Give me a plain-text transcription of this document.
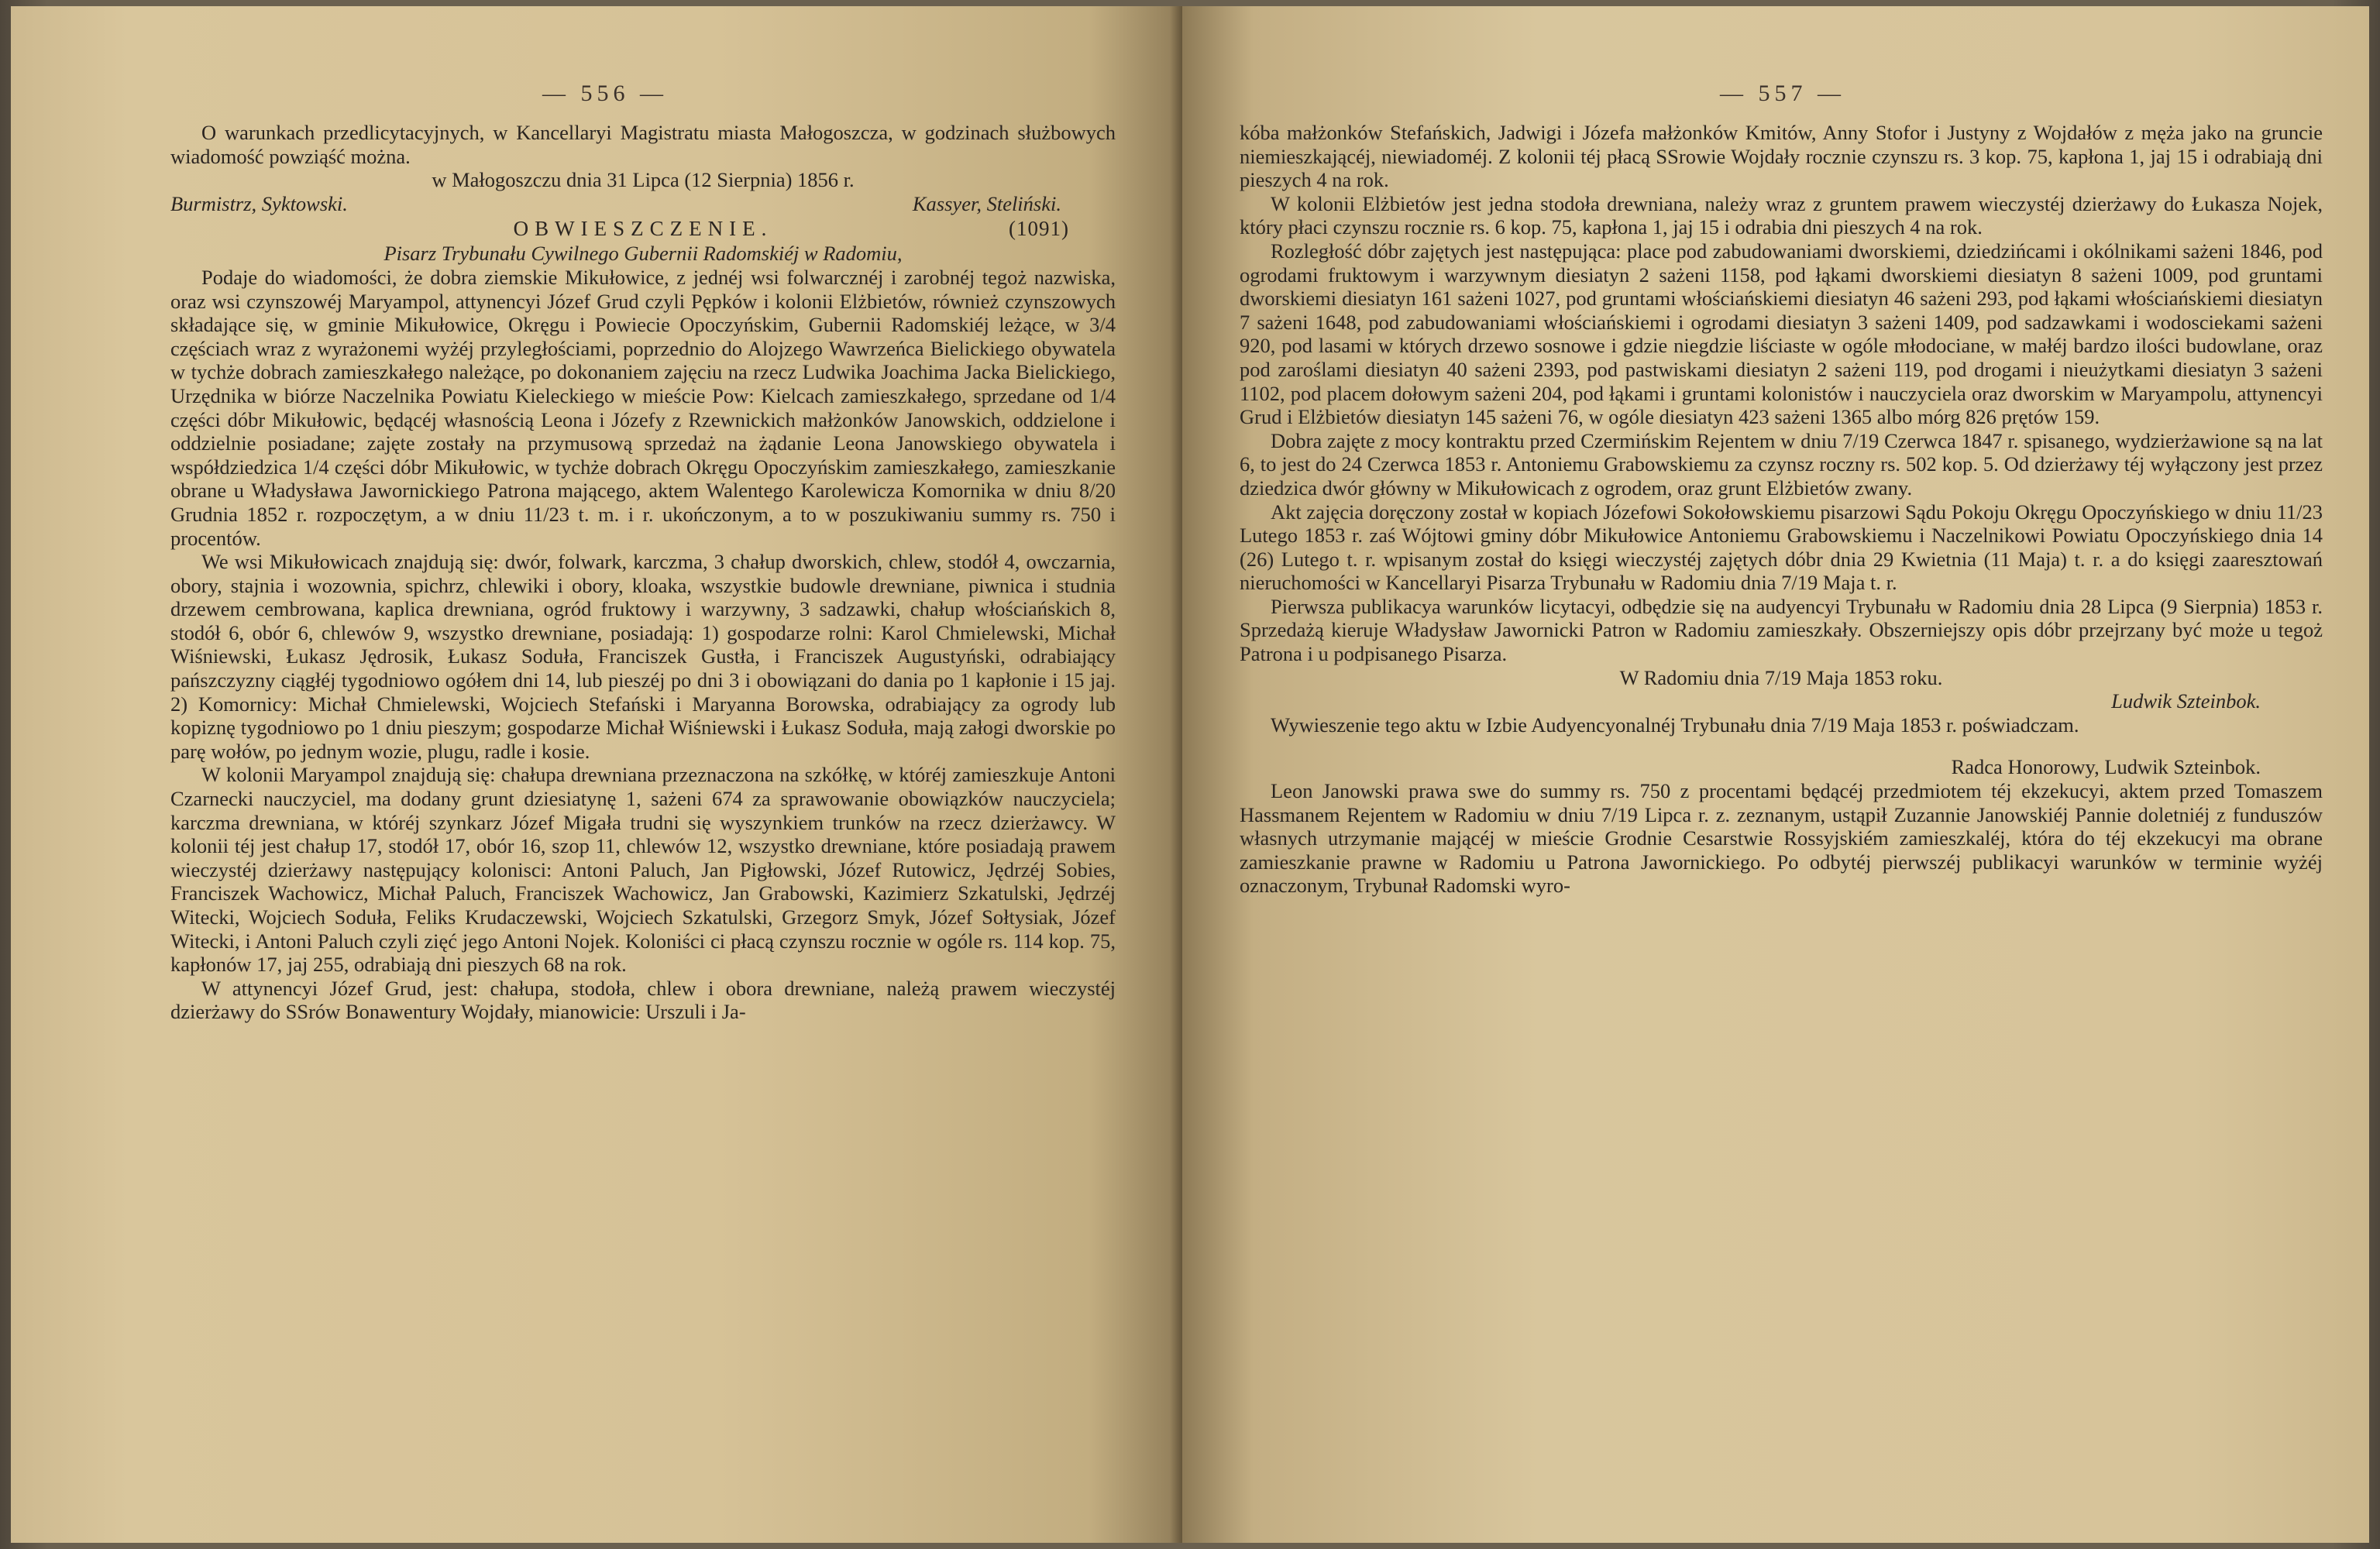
— 556 —

O warunkach przedlicytacyjnych, w Kancellaryi Magistratu miasta Małogoszcza, w godzinach służbowych wiadomość powziąść można.

w Małogoszczu dnia 31 Lipca (12 Sierpnia) 1856 r.
Burmistrz, Syktowski.	Kassyer, Steliński.
OBWIESZCZENIE.	(1091)
Pisarz Trybunału Cywilnego Gubernii Radomskiéj w Radomiu,

Podaje do wiadomości, że dobra ziemskie Mikułowice, z jednéj wsi folwarcznéj i zarobnéj tegoż nazwiska, oraz wsi czynszowéj Maryampol, attynencyi Józef Grud czyli Pępków i kolonii Elżbietów, również czynszowych składające się, w gminie Mikułowice, Okręgu i Powiecie Opoczyńskim, Gubernii Radomskiéj leżące, w 3/4 częściach wraz z wyrażonemi wyżéj przyległościami, poprzednio do Alojzego Wawrzeńca Bielickiego obywatela w tychże dobrach zamieszkałego należące, po dokonaniem zajęciu na rzecz Ludwika Joachima Jacka Bielickiego, Urzędnika w biórze Naczelnika Powiatu Kieleckiego w mieście Pow: Kielcach zamieszkałego, sprzedane od 1/4 części dóbr Mikułowic, będącéj własnością Leona i Józefy z Rzewnickich małżonków Janowskich, oddzielone i oddzielnie posiadane; zajęte zostały na przymusową sprzedaż na żądanie Leona Janowskiego obywatela i współdziedzica 1/4 części dóbr Mikułowic, w tychże dobrach Okręgu Opoczyńskim zamieszkałego, zamieszkanie obrane u Władysława Jawornickiego Patrona mającego, aktem Walentego Karolewicza Komornika w dniu 8/20 Grudnia 1852 r. rozpoczętym, a w dniu 11/23 t. m. i r. ukończonym, a to w poszukiwaniu summy rs. 750 i procentów.

We wsi Mikułowicach znajdują się: dwór, folwark, karczma, 3 chałup dworskich, chlew, stodół 4, owczarnia, obory, stajnia i wozownia, spichrz, chlewiki i obory, kloaka, wszystkie budowle drewniane, piwnica i studnia drzewem cembrowana, kaplica drewniana, ogród fruktowy i warzywny, 3 sadzawki, chałup włościańskich 8, stodół 6, obór 6, chlewów 9, wszystko drewniane, posiadają: 1) gospodarze rolni: Karol Chmielewski, Michał Wiśniewski, Łukasz Jędrosik, Łukasz Soduła, Franciszek Gustła, i Franciszek Augustyński, odrabiający pańszczyzny ciągłéj tygodniowo ogółem dni 14, lub pieszéj po dni 3 i obowiązani do dania po 1 kapłonie i 15 jaj. 2) Komornicy: Michał Chmielewski, Wojciech Stefański i Maryanna Borowska, odrabiający za ogrody lub kopiznę tygodniowo po 1 dniu pieszym; gospodarze Michał Wiśniewski i Łukasz Soduła, mają załogi dworskie po parę wołów, po jednym wozie, plugu, radle i kosie.

W kolonii Maryampol znajdują się: chałupa drewniana przeznaczona na szkółkę, w któréj zamieszkuje Antoni Czarnecki nauczyciel, ma dodany grunt dziesiatynę 1, sażeni 674 za sprawowanie obowiązków nauczyciela; karczma drewniana, w któréj szynkarz Józef Migała trudni się wyszynkiem trunków na rzecz dzierżawcy. W kolonii téj jest chałup 17, stodół 17, obór 16, szop 11, chlewów 12, wszystko drewniane, które posiadają prawem wieczystéj dzierżawy następujący kolonisci: Antoni Paluch, Jan Pigłowski, Józef Rutowicz, Jędrzéj Sobies, Franciszek Wachowicz, Michał Paluch, Franciszek Wachowicz, Jan Grabowski, Kazimierz Szkatulski, Jędrzéj Witecki, Wojciech Soduła, Feliks Krudaczewski, Wojciech Szkatulski, Grzegorz Smyk, Józef Sołtysiak, Józef Witecki, i Antoni Paluch czyli zięć jego Antoni Nojek. Koloniści ci płacą czynszu rocznie w ogóle rs. 114 kop. 75, kapłonów 17, jaj 255, odrabiają dni pieszych 68 na rok.

W attynencyi Józef Grud, jest: chałupa, stodoła, chlew i obora drewniane, należą prawem wieczystéj dzierżawy do SSrów Bonawentury Wojdały, mianowicie: Urszuli i Ja-

— 557 —

kóba małżonków Stefańskich, Jadwigi i Józefa małżonków Kmitów, Anny Stofor i Justyny z Wojdałów z męża jako na gruncie niemieszkającéj, niewiadoméj. Z kolonii téj płacą SSrowie Wojdały rocznie czynszu rs. 3 kop. 75, kapłona 1, jaj 15 i odrabiają dni pieszych 4 na rok.

W kolonii Elżbietów jest jedna stodoła drewniana, należy wraz z gruntem prawem wieczystéj dzierżawy do Łukasza Nojek, który płaci czynszu rocznie rs. 6 kop. 75, kapłona 1, jaj 15 i odrabia dni pieszych 4 na rok.

Rozległość dóbr zajętych jest następująca: place pod zabudowaniami dworskiemi, dziedzińcami i okólnikami sażeni 1846, pod ogrodami fruktowym i warzywnym diesiatyn 2 sażeni 1158, pod łąkami dworskiemi diesiatyn 8 sażeni 1009, pod gruntami dworskiemi diesiatyn 161 sażeni 1027, pod gruntami włościańskiemi diesiatyn 46 sażeni 293, pod łąkami włościańskiemi diesiatyn 7 sażeni 1648, pod zabudowaniami włościańskiemi i ogrodami diesiatyn 3 sażeni 1409, pod sadzawkami i wodosciekami sażeni 920, pod lasami w których drzewo sosnowe i gdzie niegdzie liściaste w ogóle młodociane, w małéj bardzo ilości budowlane, oraz pod zaroślami diesiatyn 40 sażeni 2393, pod pastwiskami diesiatyn 2 sażeni 119, pod drogami i nieużytkami diesiatyn 3 sażeni 1102, pod placem dołowym sażeni 204, pod łąkami i gruntami kolonistów i nauczyciela oraz dworskim w Maryampolu, attynencyi Grud i Elżbietów diesiatyn 145 sażeni 76, w ogóle diesiatyn 423 sażeni 1365 albo mórg 826 prętów 159.

Dobra zajęte z mocy kontraktu przed Czermińskim Rejentem w dniu 7/19 Czerwca 1847 r. spisanego, wydzierżawione są na lat 6, to jest do 24 Czerwca 1853 r. Antoniemu Grabowskiemu za czynsz roczny rs. 502 kop. 5. Od dzierżawy téj wyłączony jest przez dziedzica dwór główny w Mikułowicach z ogrodem, oraz grunt Elżbietów zwany.

Akt zajęcia doręczony został w kopiach Józefowi Sokołowskiemu pisarzowi Sądu Pokoju Okręgu Opoczyńskiego w dniu 11/23 Lutego 1853 r. zaś Wójtowi gminy dóbr Mikułowice Antoniemu Grabowskiemu i Naczelnikowi Powiatu Opoczyńskiego dnia 14 (26) Lutego t. r. wpisanym został do księgi wieczystéj zajętych dóbr dnia 29 Kwietnia (11 Maja) t. r. a do księgi zaaresztowań nieruchomości w Kancellaryi Pisarza Trybunału w Radomiu dnia 7/19 Maja t. r.

Pierwsza publikacya warunków licytacyi, odbędzie się na audyencyi Trybunału w Radomiu dnia 28 Lipca (9 Sierpnia) 1853 r. Sprzedażą kieruje Władysław Jawornicki Patron w Radomiu zamieszkały. Obszerniejszy opis dóbr przejrzany być może u tegoż Patrona i u podpisanego Pisarza.

W Radomiu dnia 7/19 Maja 1853 roku.
Ludwik Szteinbok.

Wywieszenie tego aktu w Izbie Audyencyonalnéj Trybunału dnia 7/19 Maja 1853 r. poświadczam.

Radca Honorowy, Ludwik Szteinbok.

Leon Janowski prawa swe do summy rs. 750 z procentami będącéj przedmiotem téj ekzekucyi, aktem przed Tomaszem Hassmanem Rejentem w Radomiu w dniu 7/19 Lipca r. z. zeznanym, ustąpił Zuzannie Janowskiéj Pannie doletniéj z funduszów własnych utrzymanie mającéj w mieście Grodnie Cesarstwie Rossyjskiém zamieszkaléj, która do téj ekzekucyi ma obrane zamieszkanie prawne w Radomiu u Patrona Jawornickiego. Po odbytéj pierwszéj publikacyi warunków w terminie wyżéj oznaczonym, Trybunał Radomski wyro-
